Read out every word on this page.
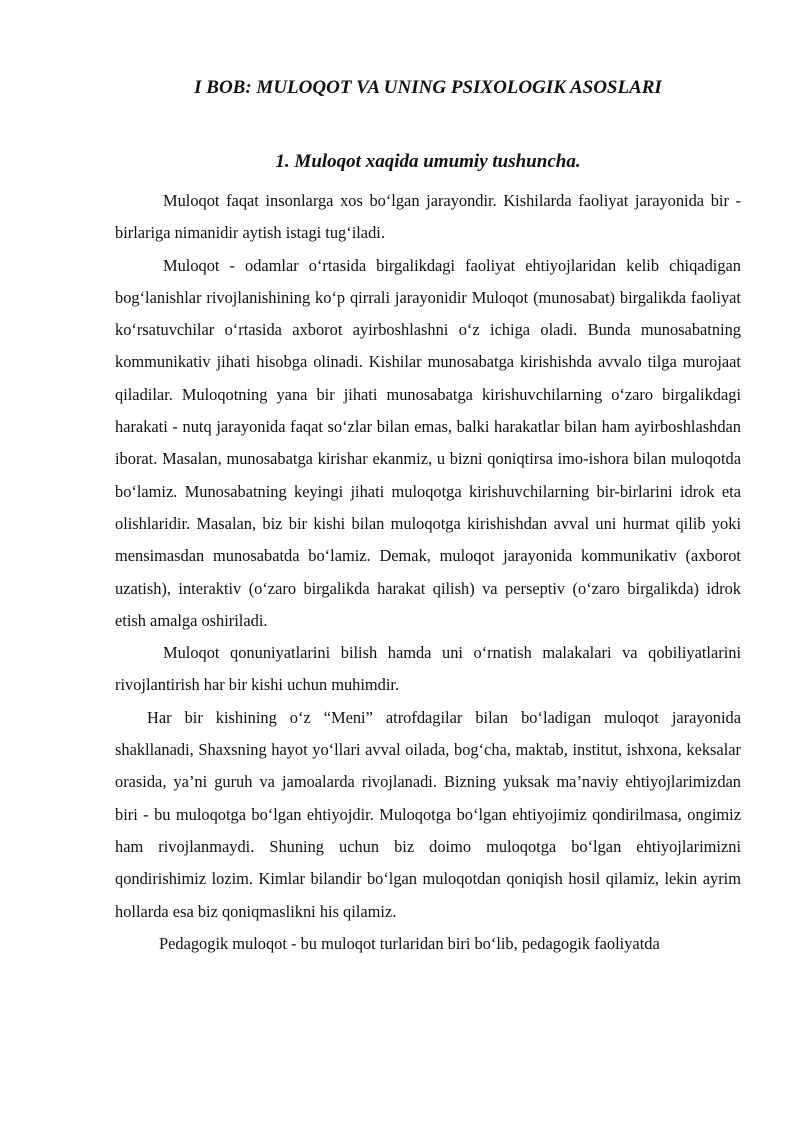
I BOB: MULOQOT VA UNING PSIXOLOGIK ASOSLARI
1. Muloqot xaqida umumiy tushuncha.

Muloqot faqat insonlarga xos bo‘lgan jarayondir. Kishilarda faoliyat jarayonida bir - birlariga nimanidir aytish istagi tug‘iladi.

Muloqot - odamlar o‘rtasida birgalikdagi faoliyat ehtiyojlaridan kelib chiqadigan bog‘lanishlar rivojlanishining ko‘p qirrali jarayonidir Muloqot (munosabat) birgalikda faoliyat ko‘rsatuvchilar o‘rtasida axborot ayirboshlashni o‘z ichiga oladi. Bunda munosabatning kommunikativ jihati hisobga olinadi. Kishilar munosabatga kirishishda avvalo tilga murojaat qiladilar. Muloqotning yana bir jihati munosabatga kirishuvchilarning o‘zaro birgalikdagi harakati - nutq jarayonida faqat so‘zlar bilan emas, balki harakatlar bilan ham ayirboshlashdan iborat. Masalan, munosabatga kirishar ekanmiz, u bizni qoniqtirsa imo-ishora bilan muloqotda bo‘lamiz. Munosabatning keyingi jihati muloqotga kirishuvchilarning bir-birlarini idrok eta olishlaridir. Masalan, biz bir kishi bilan muloqotga kirishishdan avval uni hurmat qilib yoki mensimasdan munosabatda bo‘lamiz. Demak, muloqot jarayonida kommunikativ (axborot uzatish), interaktiv (o‘zaro birgalikda harakat qilish) va perseptiv (o‘zaro birgalikda) idrok etish amalga oshiriladi.

Muloqot qonuniyatlarini bilish hamda uni o‘rnatish malakalari va qobiliyatlarini rivojlantirish har bir kishi uchun muhimdir.

Har bir kishining o‘z “Meni” atrofdagilar bilan bo‘ladigan muloqot jarayonida shakllanadi, Shaxsning hayot yo‘llari avval oilada, bog‘cha, maktab, institut, ishxona, keksalar orasida, ya’ni guruh va jamoalarda rivojlanadi. Bizning yuksak ma’naviy ehtiyojlarimizdan biri - bu muloqotga bo‘lgan ehtiyojdir. Muloqotga bo‘lgan ehtiyojimiz qondirilmasa, ongimiz ham rivojlanmaydi. Shuning uchun biz doimo muloqotga bo‘lgan ehtiyojlarimizni qondirishimiz lozim. Kimlar bilandir bo‘lgan muloqotdan qoniqish hosil qilamiz, lekin ayrim hollarda esa biz qoniqmaslikni his qilamiz.

Pedagogik muloqot - bu muloqot turlaridan biri bo‘lib, pedagogik faoliyatda
